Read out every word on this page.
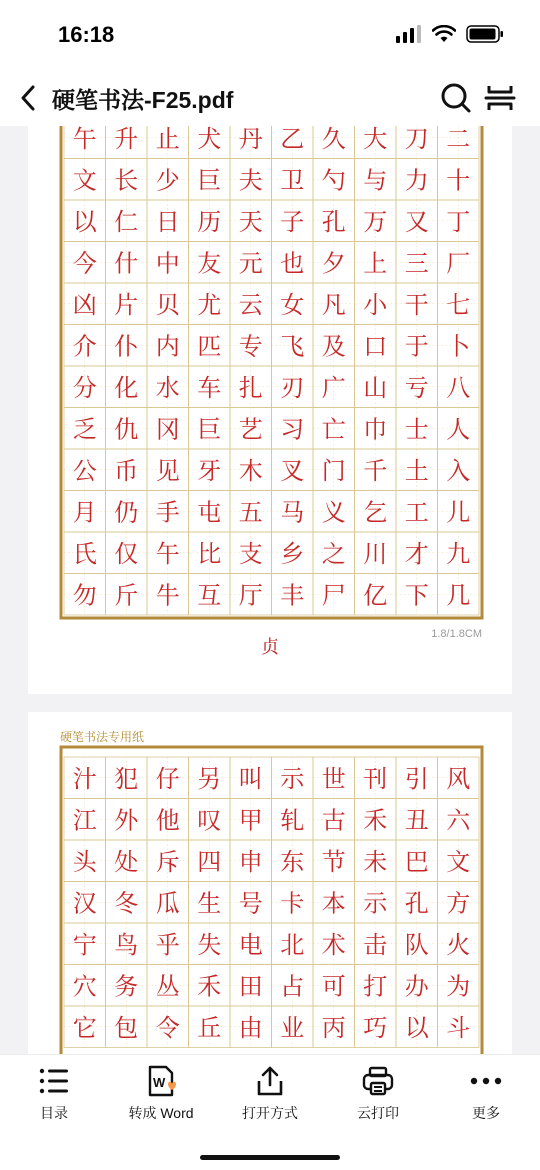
16:18
硬笔书法-F25.pdf
午 升 止 犬 丹 乙 久 大 刀 二
文 长 少 巨 夫 卫 勺 与 力 十
以 仁 日 历 天 子 孔 万 又 丁
今 什 中 友 元 也 夕 上 三 厂
凶 片 贝 尤 云 女 凡 小 干 七
介 仆 内 匹 专 飞 及 口 于 卜
分 化 水 车 扎 刃 广 山 亏 八
乏 仇 冈 巨 艺 习 亡 巾 士 人
公 币 见 牙 木 叉 门 千 土 入
月 仍 手 屯 五 马 义 乞 工 儿
氏 仅 午 比 支 乡 之 川 才 九
勿 斤 牛 互 厅 丰 尸 亿 下 几
1.8/1.8CM
贞
硬笔书法专用纸
汁 犯 仔 另 叫 示 世 刊 引 风
江 外 他 叹 甲 轧 古 禾 丑 六
头 处 斥 四 申 东 节 未 巴 文
汉 冬 瓜 生 号 卡 本 示 孔 方
宁 鸟 乎 失 电 北 术 击 队 火
穴 务 丛 禾 田 占 可 打 办 为
它 包 令 丘 由 业 丙 巧 以 斗
目录
W
转成 Word	打开方式	云打印	更多
